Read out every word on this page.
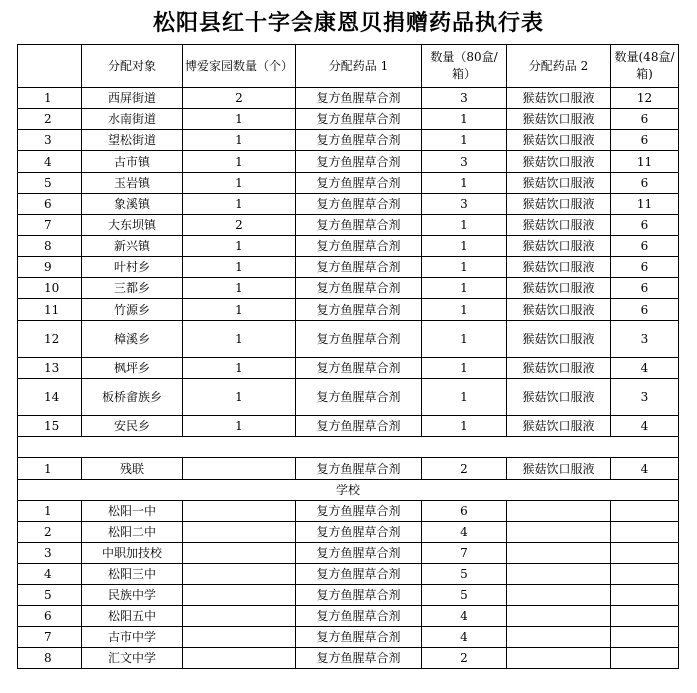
松阳县红十字会康恩贝捐赠药品执行表
	分配对象	博爱家园数量（个）	分配药品 1	数量（80盒/箱）	分配药品 2	数量(48盒/箱)
1	西屏街道	2	复方鱼腥草合剂	3	猴菇饮口服液	12
2	水南街道	1	复方鱼腥草合剂	1	猴菇饮口服液	6
3	望松街道	1	复方鱼腥草合剂	1	猴菇饮口服液	6
4	古市镇	1	复方鱼腥草合剂	3	猴菇饮口服液	11
5	玉岩镇	1	复方鱼腥草合剂	1	猴菇饮口服液	6
6	象溪镇	1	复方鱼腥草合剂	3	猴菇饮口服液	11
7	大东坝镇	2	复方鱼腥草合剂	1	猴菇饮口服液	6
8	新兴镇	1	复方鱼腥草合剂	1	猴菇饮口服液	6
9	叶村乡	1	复方鱼腥草合剂	1	猴菇饮口服液	6
10	三都乡	1	复方鱼腥草合剂	1	猴菇饮口服液	6
11	竹源乡	1	复方鱼腥草合剂	1	猴菇饮口服液	6
12	樟溪乡	1	复方鱼腥草合剂	1	猴菇饮口服液	3
13	枫坪乡	1	复方鱼腥草合剂	1	猴菇饮口服液	4
14	板桥畲族乡	1	复方鱼腥草合剂	1	猴菇饮口服液	3
15	安民乡	1	复方鱼腥草合剂	1	猴菇饮口服液	4

1	残联		复方鱼腥草合剂	2	猴菇饮口服液	4
学校						
1	松阳一中		复方鱼腥草合剂	6		
2	松阳二中		复方鱼腥草合剂	4		
3	中职加技校		复方鱼腥草合剂	7		
4	松阳三中		复方鱼腥草合剂	5		
5	民族中学		复方鱼腥草合剂	5		
6	松阳五中		复方鱼腥草合剂	4		
7	古市中学		复方鱼腥草合剂	4		
8	汇文中学		复方鱼腥草合剂	2		
